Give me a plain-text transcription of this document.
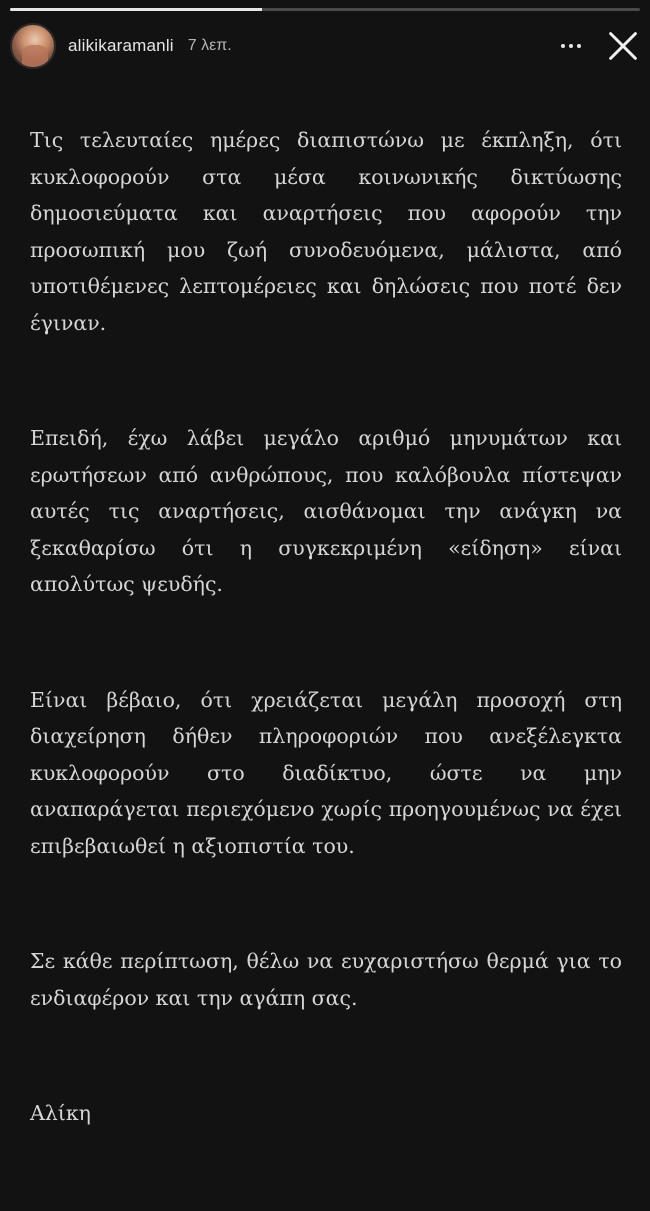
alikikaramanli 7 λεπ.

Τις τελευταίες ημέρες διαπιστώνω με έκπληξη, ότι κυκλοφορούν στα μέσα κοινωνικής δικτύωσης δημοσιεύματα και αναρτήσεις που αφορούν την προσωπική μου ζωή συνοδευόμενα, μάλιστα, από υποτιθέμενες λεπτομέρειες και δηλώσεις που ποτέ δεν έγιναν.

Επειδή, έχω λάβει μεγάλο αριθμό μηνυμάτων και ερωτήσεων από ανθρώπους, που καλόβουλα πίστεψαν αυτές τις αναρτήσεις, αισθάνομαι την ανάγκη να ξεκαθαρίσω ότι η συγκεκριμένη «είδηση» είναι απολύτως ψευδής.

Είναι βέβαιο, ότι χρειάζεται μεγάλη προσοχή στη διαχείρηση δήθεν πληροφοριών που ανεξέλεγκτα κυκλοφορούν στο διαδίκτυο, ώστε να μην αναπαράγεται περιεχόμενο χωρίς προηγουμένως να έχει επιβεβαιωθεί η αξιοπιστία του.

Σε κάθε περίπτωση, θέλω να ευχαριστήσω θερμά για το ενδιαφέρον και την αγάπη σας.

Αλίκη
